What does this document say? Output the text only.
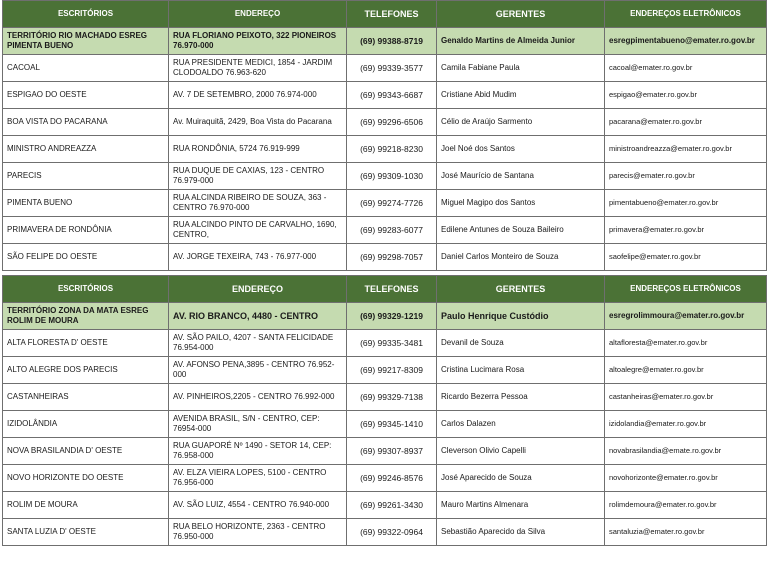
ESCRITÓRIOS	ENDEREÇO	TELEFONES	GERENTES	ENDEREÇOS ELETRÔNICOS
TERRITÓRIO RIO MACHADO ESREG PIMENTA BUENO	RUA FLORIANO PEIXOTO, 322 PIONEIROS 76.970-000	(69) 99388-8719	Genaldo Martins de Almeida Junior	esregpimentabueno@emater.ro.gov.br
CACOAL	RUA PRESIDENTE MEDICI, 1854 - JARDIM CLODOALDO 76.963-620	(69) 99339-3577	Camila Fabiane Paula	cacoal@emater.ro.gov.br
ESPIGAO DO OESTE	AV. 7 DE SETEMBRO, 2000 76.974-000	(69) 99343-6687	Cristiane Abid Mudim	espigao@emater.ro.gov.br
BOA VISTA DO PACARANA	Av. Muiraquitã, 2429, Boa Vista do Pacarana	(69) 99296-6506	Célio de Araújo Sarmento	pacarana@emater.ro.gov.br
MINISTRO ANDREAZZA	RUA RONDÔNIA, 5724 76.919-999	(69) 99218-8230	Joel Noé dos Santos	ministroandreazza@emater.ro.gov.br
PARECIS	RUA DUQUE DE CAXIAS, 123 - CENTRO 76.979-000	(69) 99309-1030	José Maurício de Santana	parecis@emater.ro.gov.br
PIMENTA BUENO	RUA ALCINDA RIBEIRO DE SOUZA, 363 - CENTRO 76.970-000	(69) 99274-7726	Miguel Magipo dos Santos	pimentabueno@emater.ro.gov.br
PRIMAVERA DE RONDÔNIA	RUA ALCINDO PINTO DE CARVALHO, 1690, CENTRO,	(69) 99283-6077	Edilene Antunes de Souza Baileiro	primavera@emater.ro.gov.br
SÃO FELIPE DO OESTE	AV. JORGE TEXEIRA, 743 - 76.977-000	(69) 99298-7057	Daniel Carlos Monteiro de Souza	saofelipe@emater.ro.gov.br

ESCRITÓRIOS	ENDEREÇO	TELEFONES	GERENTES	ENDEREÇOS ELETRÔNICOS
TERRITÓRIO ZONA DA MATA ESREG ROLIM DE MOURA	AV. RIO BRANCO, 4480 - CENTRO	(69) 99329-1219	Paulo Henrique Custódio	esregrolimmoura@emater.ro.gov.br
ALTA FLORESTA D' OESTE	AV. SÃO PAILO, 4207 - SANTA FELICIDADE 76.954-000	(69) 99335-3481	Devanil de Souza	altafloresta@emater.ro.gov.br
ALTO ALEGRE DOS PARECIS	AV. AFONSO PENA,3895 - CENTRO 76.952-000	(69) 99217-8309	Cristina Lucimara Rosa	altoalegre@emater.ro.gov.br
CASTANHEIRAS	AV. PINHEIROS,2205 - CENTRO 76.992-000	(69) 99329-7138	Ricardo Bezerra Pessoa	castanheiras@emater.ro.gov.br
IZIDOLÂNDIA	AVENIDA BRASIL, S/N - CENTRO, CEP: 76954-000	(69) 99345-1410	Carlos Dalazen	izidolandia@emater.ro.gov.br
NOVA BRASILANDIA D' OESTE	RUA GUAPORÉ Nº 1490 - SETOR 14, CEP: 76.958-000	(69) 99307-8937	Cleverson Olivio Capelli	novabrasilandia@emate.ro.gov.br
NOVO HORIZONTE DO OESTE	AV. ELZA VIEIRA LOPES, 5100 - CENTRO 76.956-000	(69) 99246-8576	José Aparecido de Souza	novohorizonte@emater.ro.gov.br
ROLIM DE MOURA	AV. SÃO LUIZ, 4554 - CENTRO 76.940-000	(69) 99261-3430	Mauro Martins Almenara	rolimdemoura@emater.ro.gov.br
SANTA LUZIA D' OESTE	RUA BELO HORIZONTE, 2363 - CENTRO 76.950-000	(69) 99322-0964	Sebastião Aparecido da Silva	santaluzia@emater.ro.gov.br
